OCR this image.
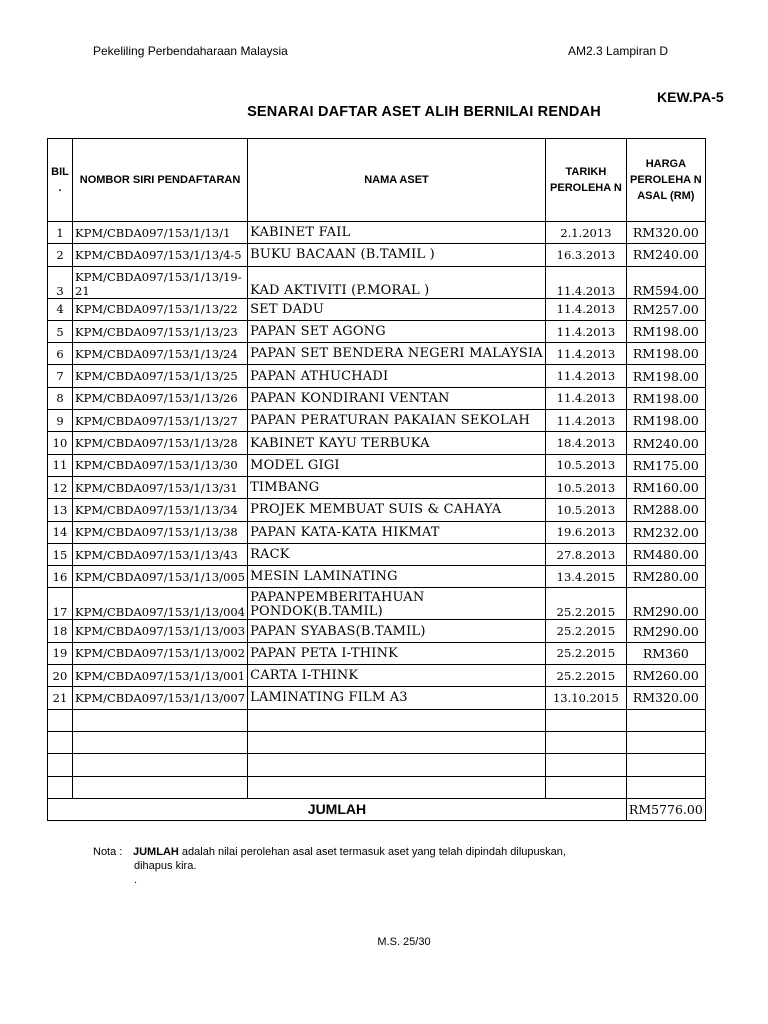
Pekeliling Perbendaharaan Malaysia	AM2.3 Lampiran D
KEW.PA-5
SENARAI DAFTAR ASET ALIH BERNILAI RENDAH
BIL .	NOMBOR SIRI PENDAFTARAN	NAMA ASET	TARIKH PEROLEHA N	HARGA PEROLEHA N ASAL (RM)
1	KPM/CBDA097/153/1/13/1	KABINET FAIL	2.1.2013	RM320.00
2	KPM/CBDA097/153/1/13/4-5	BUKU BACAAN (B.TAMIL )	16.3.2013	RM240.00
3	KPM/CBDA097/153/1/13/19-21	KAD AKTIVITI (P.MORAL )	11.4.2013	RM594.00
4	KPM/CBDA097/153/1/13/22	SET DADU	11.4.2013	RM257.00
5	KPM/CBDA097/153/1/13/23	PAPAN SET AGONG	11.4.2013	RM198.00
6	KPM/CBDA097/153/1/13/24	PAPAN SET BENDERA NEGERI MALAYSIA	11.4.2013	RM198.00
7	KPM/CBDA097/153/1/13/25	PAPAN ATHUCHADI	11.4.2013	RM198.00
8	KPM/CBDA097/153/1/13/26	PAPAN KONDIRANI VENTAN	11.4.2013	RM198.00
9	KPM/CBDA097/153/1/13/27	PAPAN PERATURAN PAKAIAN SEKOLAH	11.4.2013	RM198.00
10	KPM/CBDA097/153/1/13/28	KABINET KAYU TERBUKA	18.4.2013	RM240.00
11	KPM/CBDA097/153/1/13/30	MODEL GIGI	10.5.2013	RM175.00
12	KPM/CBDA097/153/1/13/31	TIMBANG	10.5.2013	RM160.00
13	KPM/CBDA097/153/1/13/34	PROJEK MEMBUAT SUIS & CAHAYA	10.5.2013	RM288.00
14	KPM/CBDA097/153/1/13/38	PAPAN KATA-KATA HIKMAT	19.6.2013	RM232.00
15	KPM/CBDA097/153/1/13/43	RACK	27.8.2013	RM480.00
16	KPM/CBDA097/153/1/13/005	MESIN LAMINATING	13.4.2015	RM280.00
17	KPM/CBDA097/153/1/13/004	PAPANPEMBERITAHUAN PONDOK(B.TAMIL)	25.2.2015	RM290.00
18	KPM/CBDA097/153/1/13/003	PAPAN SYABAS(B.TAMIL)	25.2.2015	RM290.00
19	KPM/CBDA097/153/1/13/002	PAPAN PETA I-THINK	25.2.2015	RM360
20	KPM/CBDA097/153/1/13/001	CARTA I-THINK	25.2.2015	RM260.00
21	KPM/CBDA097/153/1/13/007	LAMINATING FILM A3	13.10.2015	RM320.00

JUMLAH				RM5776.00
Nota : JUMLAH adalah nilai perolehan asal aset termasuk aset yang telah dipindah dilupuskan,
dihapus kira.
.
M.S. 25/30
